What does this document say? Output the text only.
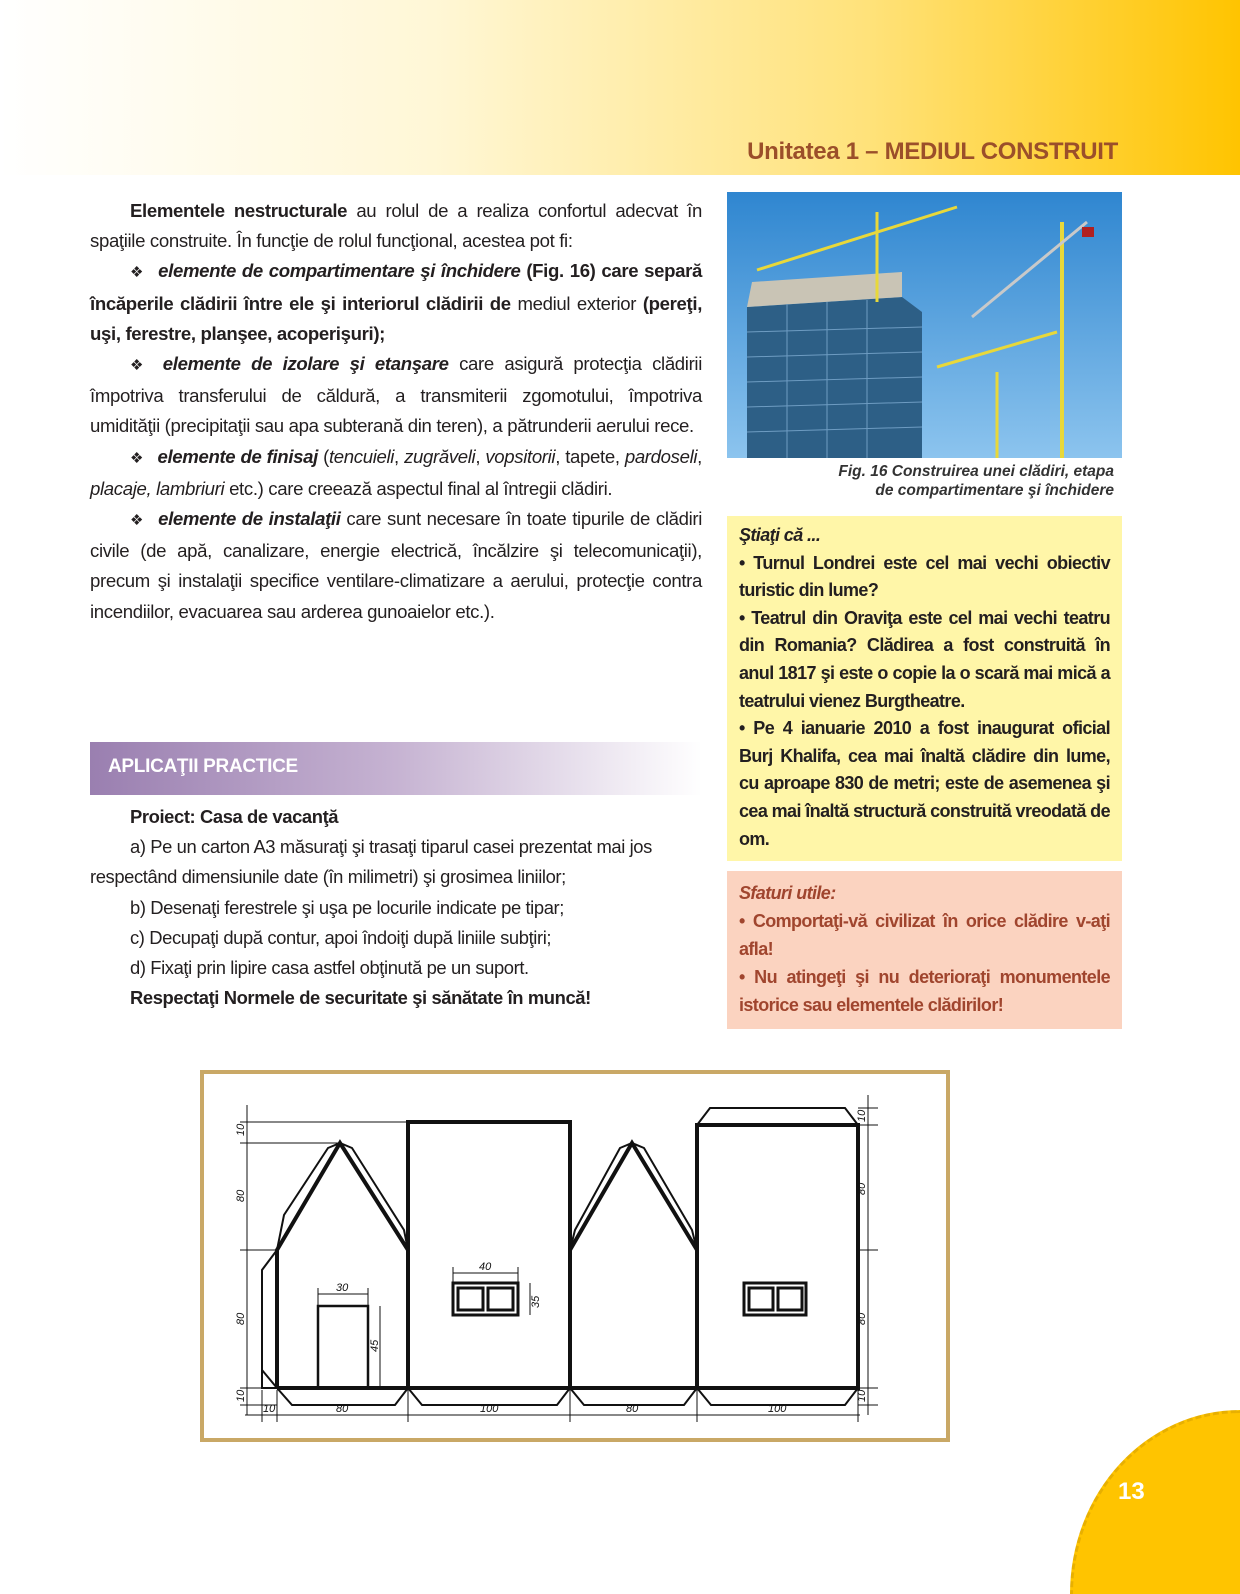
Unitatea 1 – MEDIUL CONSTRUIT

Elementele nestructurale au rolul de a realiza confortul adecvat în spaţiile construite. În funcţie de rolul funcţional, acestea pot fi:

❖ elemente de compartimentare şi închidere (Fig. 16) care separă încăperile clădirii între ele şi interiorul clădirii de mediul exterior (pereţi, uşi, ferestre, planşee, acoperişuri);

❖ elemente de izolare şi etanşare care asigură protecţia clădirii împotriva transferului de căldură, a transmiterii zgomotului, împotriva umidităţii (precipitaţii sau apa subterană din teren), a pătrunderii aerului rece.

❖ elemente de finisaj (tencuieli, zugrăveli, vopsitorii, tapete, pardoseli, placaje, lambriuri etc.) care creează aspectul final al întregii clădiri.

❖ elemente de instalaţii care sunt necesare în toate tipurile de clădiri civile (de apă, canalizare, energie electrică, încălzire şi telecomunicaţii), precum şi instalaţii specifice ventilare-climatizare a aerului, protecţie contra incendiilor, evacuarea sau arderea gunoaielor etc.).

Fig. 16 Construirea unei clădiri, etapa
de compartimentare şi închidere
Ştiaţi că ...

• Turnul Londrei este cel mai vechi obiectiv turistic din lume?

• Teatrul din Oraviţa este cel mai vechi teatru din Romania? Clădirea a fost construită în anul 1817 şi este o copie la o scară mai mică a teatrului vienez Burgtheatre.

• Pe 4 ianuarie 2010 a fost inaugurat oficial Burj Khalifa, cea mai înaltă clădire din lume, cu aproape 830 de metri; este de asemenea şi cea mai înaltă structură construită vreodată de om.

Sfaturi utile:

• Comportaţi-vă civilizat în orice clădire v-aţi afla!

• Nu atingeţi şi nu deterioraţi monumentele istorice sau elementele clădirilor!

APLICAŢII PRACTICE

Proiect: Casa de vacanţă

a) Pe un carton A3 măsuraţi şi trasaţi tiparul casei prezentat mai jos respectând dimensiunile date (în milimetri) şi grosimea liniilor;

b) Desenaţi ferestrele şi uşa pe locurile indicate pe tipar;

c) Decupaţi după contur, apoi îndoiţi după liniile subţiri;

d) Fixaţi prin lipire casa astfel obţinută pe un suport.

Respectaţi Normele de securitate şi sănătate în muncă!

10
80
80
10
10
80
80
10
10	80	100	80	100
30
45
40
35
13
